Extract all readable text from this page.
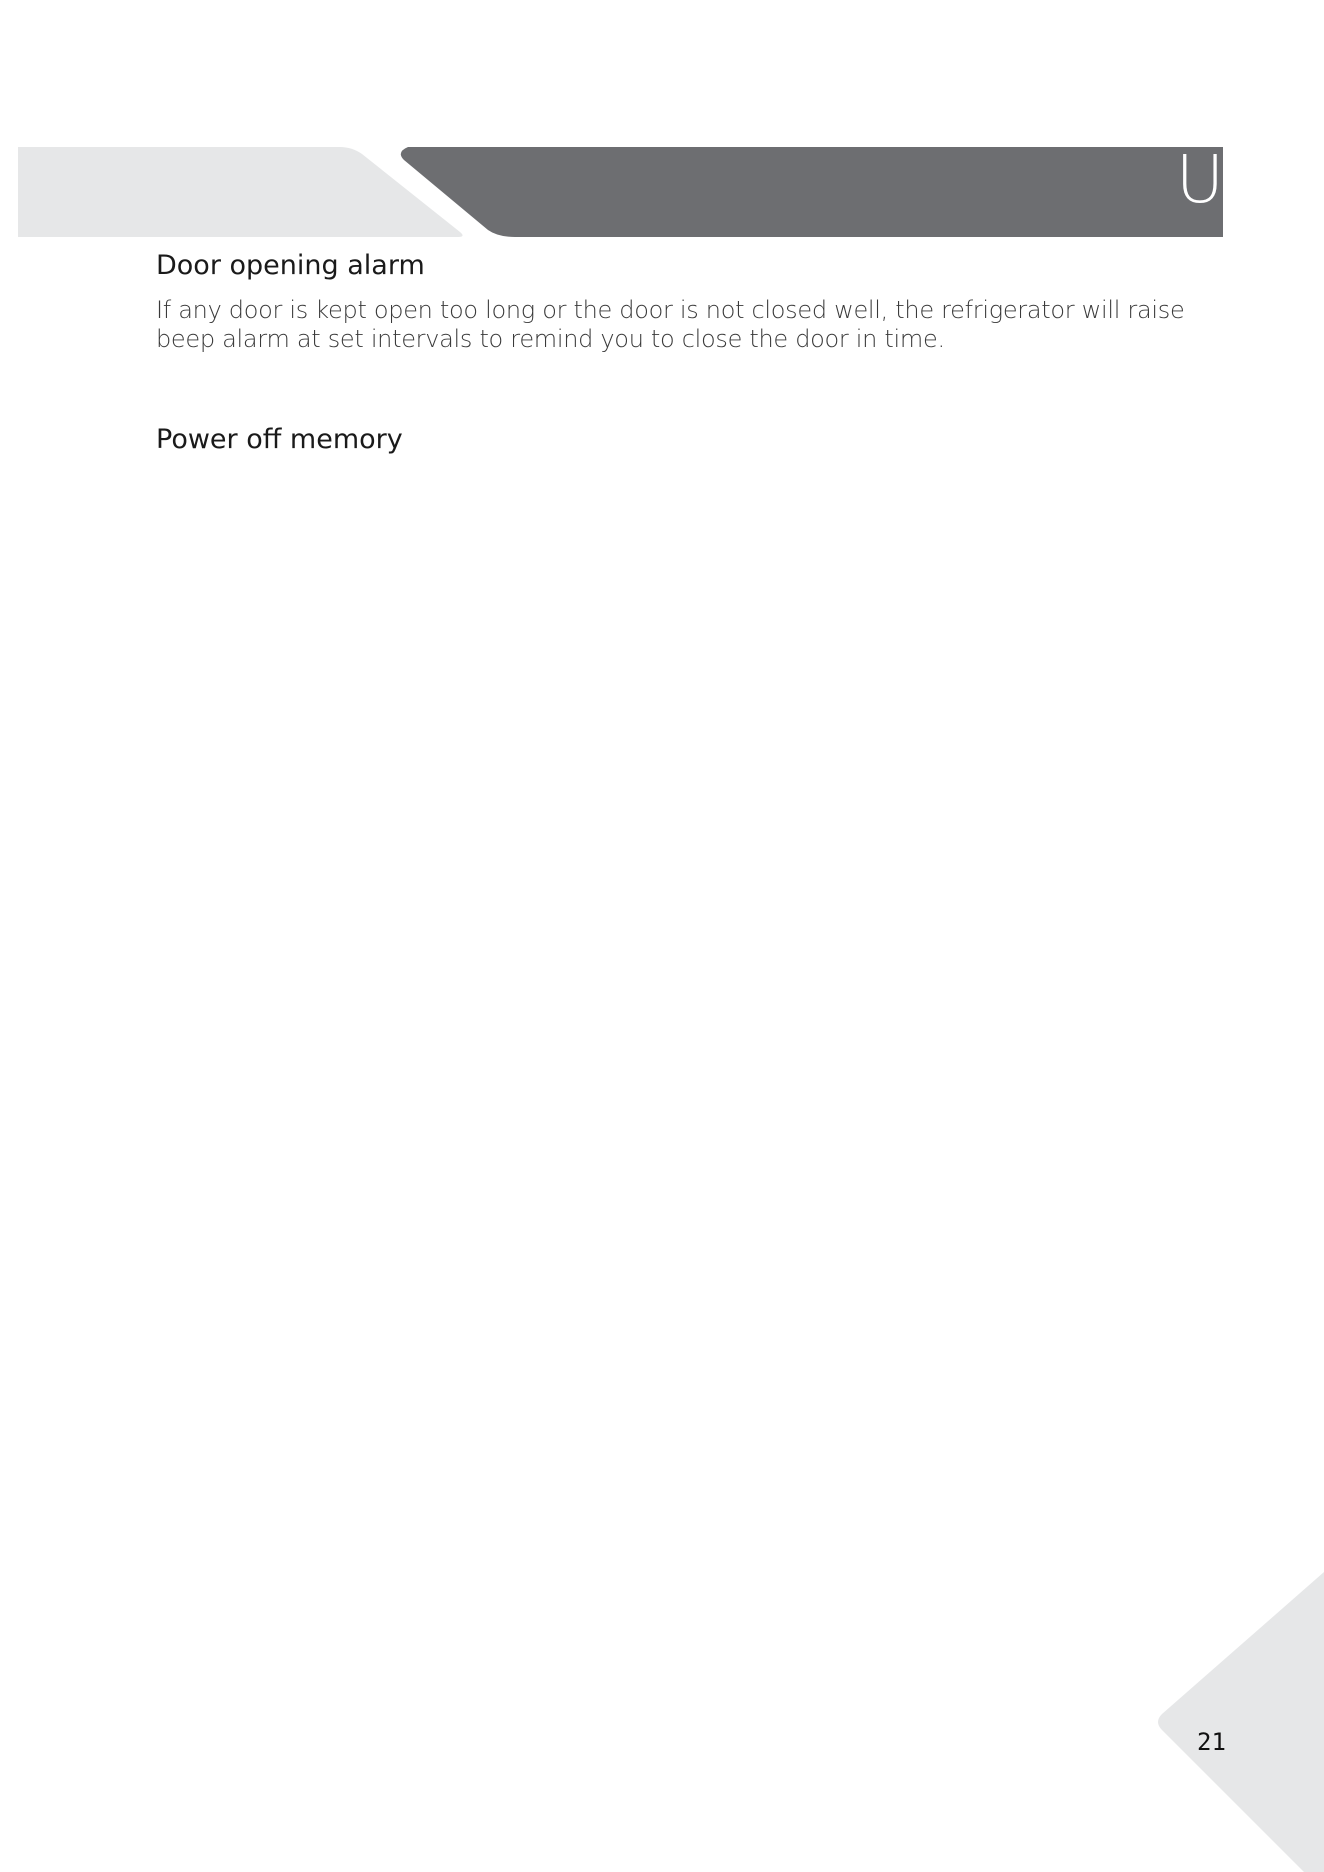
Use
Door opening alarm

If any door is kept open too long or the door is not closed well, the refrigerator will raise beep alarm at set intervals to remind you to close the door in time.

Power off memory

21
